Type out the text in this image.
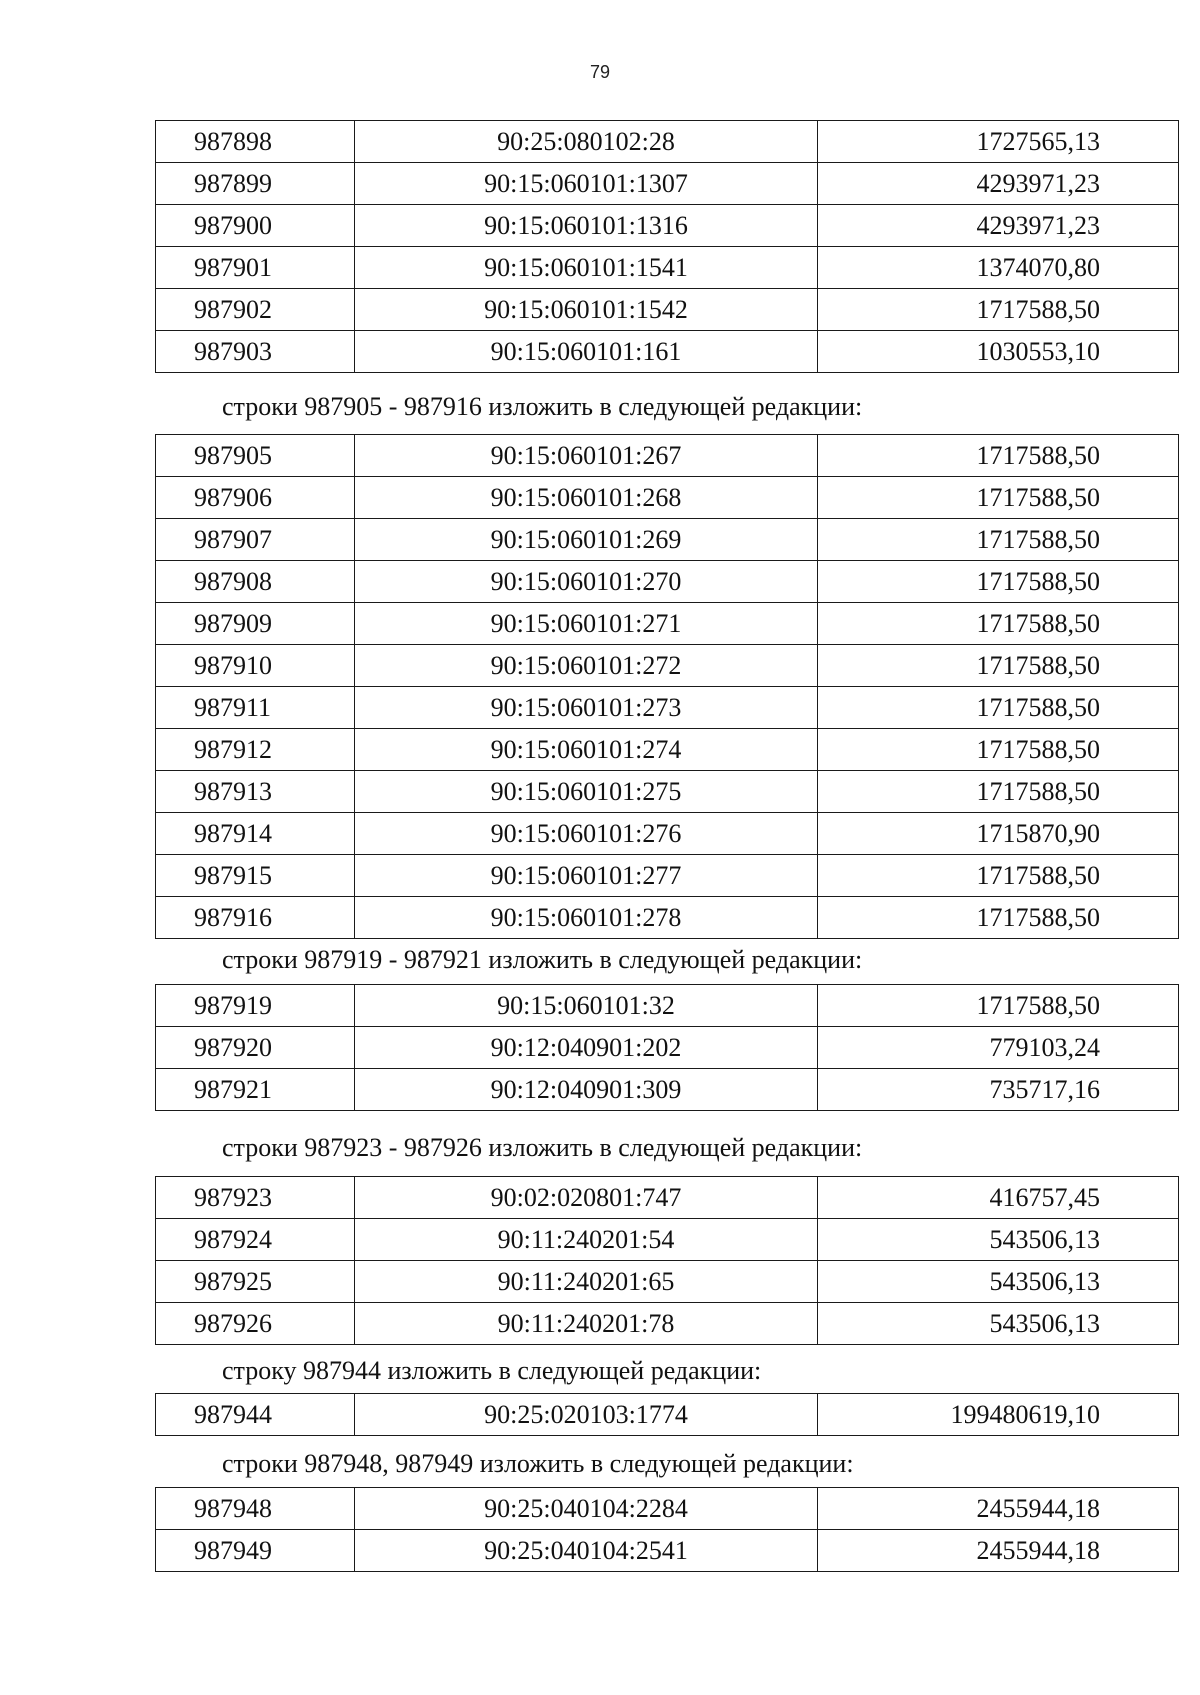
79
987898	90:25:080102:28	1727565,13
987899	90:15:060101:1307	4293971,23
987900	90:15:060101:1316	4293971,23
987901	90:15:060101:1541	1374070,80
987902	90:15:060101:1542	1717588,50
987903	90:15:060101:161	1030553,10
строки 987905 - 987916 изложить в следующей редакции:
987905	90:15:060101:267	1717588,50
987906	90:15:060101:268	1717588,50
987907	90:15:060101:269	1717588,50
987908	90:15:060101:270	1717588,50
987909	90:15:060101:271	1717588,50
987910	90:15:060101:272	1717588,50
987911	90:15:060101:273	1717588,50
987912	90:15:060101:274	1717588,50
987913	90:15:060101:275	1717588,50
987914	90:15:060101:276	1715870,90
987915	90:15:060101:277	1717588,50
987916	90:15:060101:278	1717588,50
строки 987919 - 987921 изложить в следующей редакции:
987919	90:15:060101:32	1717588,50
987920	90:12:040901:202	779103,24
987921	90:12:040901:309	735717,16
строки 987923 - 987926 изложить в следующей редакции:
987923	90:02:020801:747	416757,45
987924	90:11:240201:54	543506,13
987925	90:11:240201:65	543506,13
987926	90:11:240201:78	543506,13
строку 987944 изложить в следующей редакции:
987944	90:25:020103:1774	199480619,10
строки 987948, 987949 изложить в следующей редакции:
987948	90:25:040104:2284	2455944,18
987949	90:25:040104:2541	2455944,18
